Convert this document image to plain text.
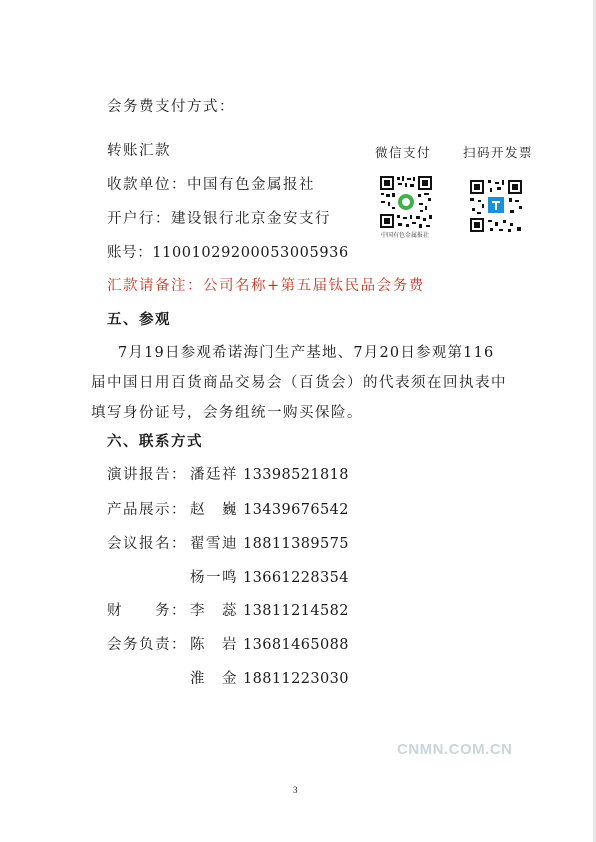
会务费支付方式：
转账汇款
收款单位：中国有色金属报社
开户行：建设银行北京金安支行
账号：11001029200053005936
汇款请备注：公司名称+第五届钛民品会务费
微信支付	扫码开发票
中国有色金属报社
五、参观
7月19日参观希诺海门生产基地、7月20日参观第116
届中国日用百货商品交易会（百货会）的代表须在回执表中
填写身份证号，会务组统一购买保险。
六、联系方式
演讲报告： 潘廷祥 13398521818
产品展示： 赵　巍 13439676542
会议报名： 翟雪迪 18811389575
杨一鸣 13661228354
财　　务： 李　蕊 13811214582
会务负责： 陈　岩 13681465088
淮　金 18811223030
CNMN.COM.CN
3
